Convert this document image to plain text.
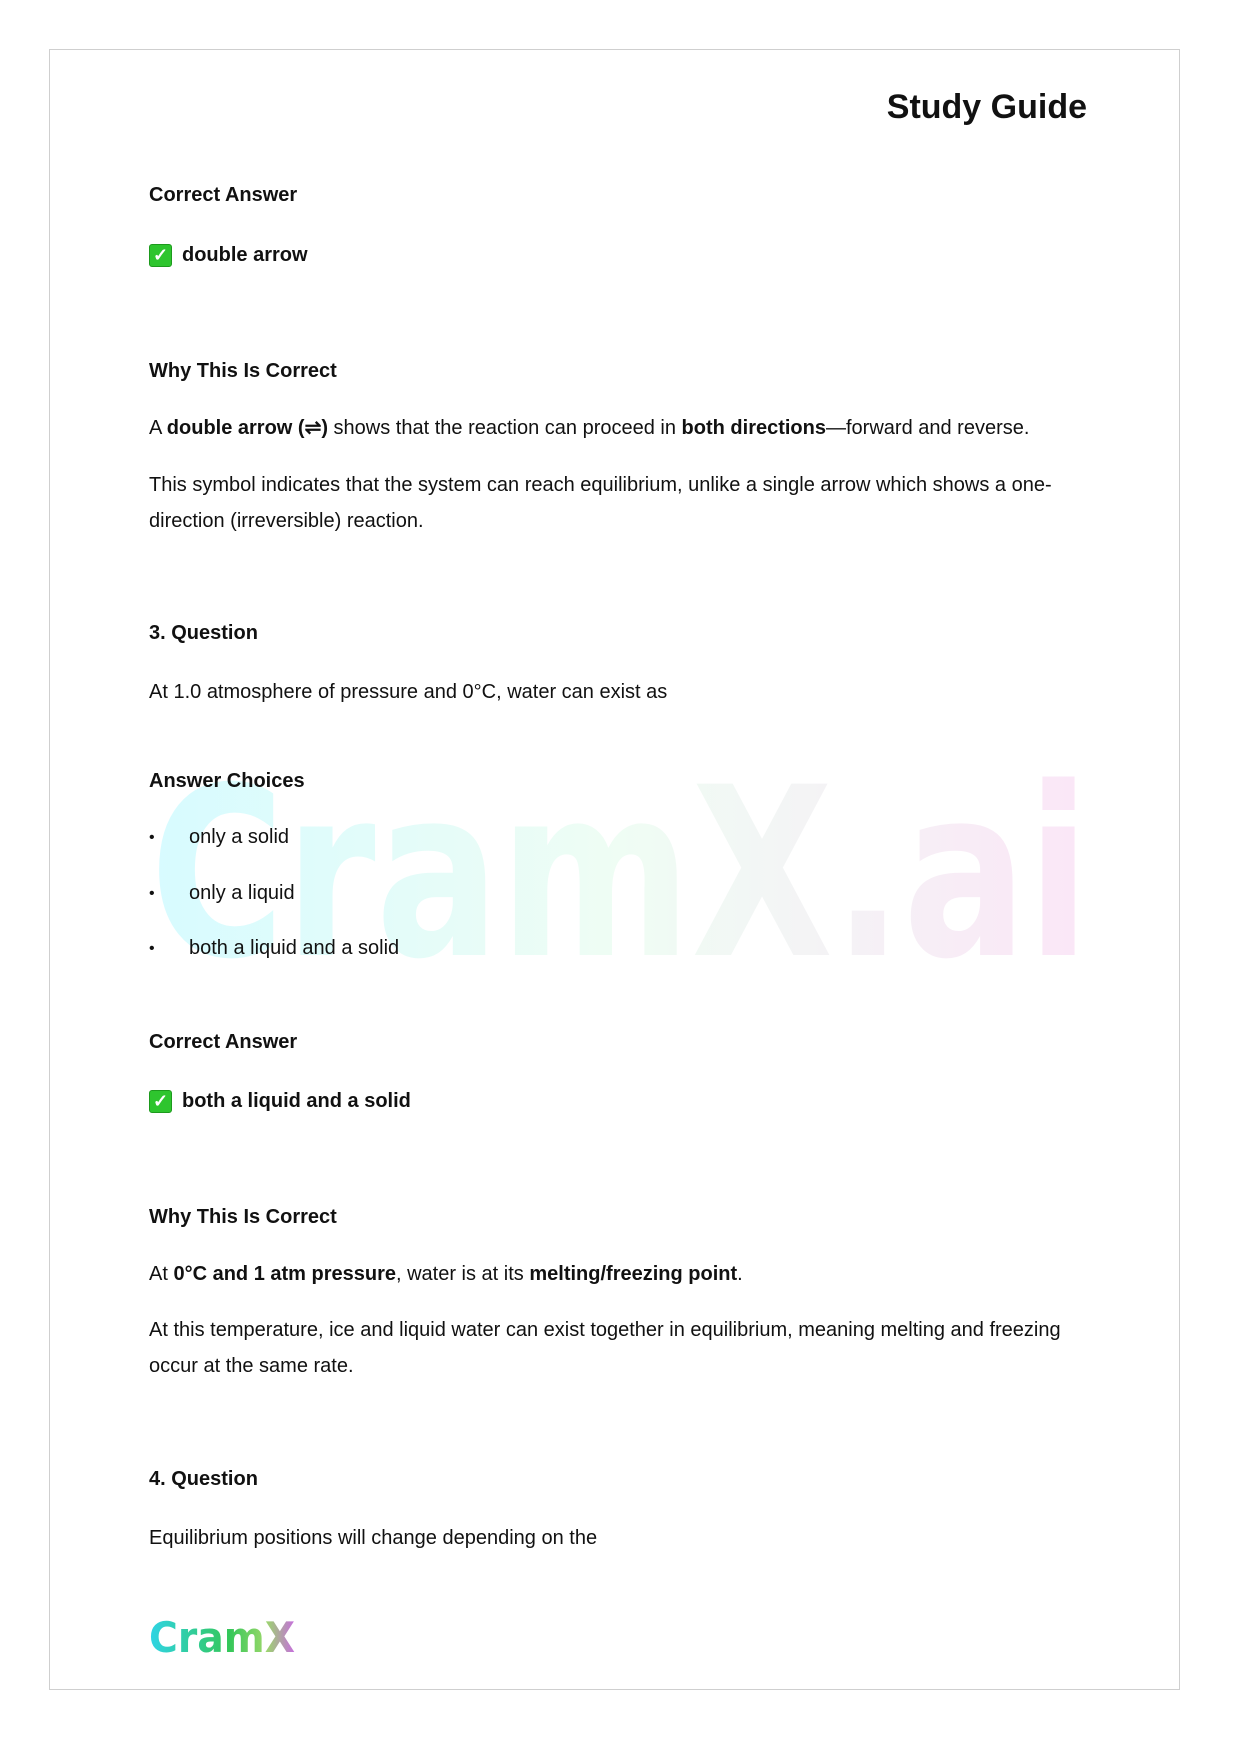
Study Guide
CramX.ai
Correct Answer
✓ double arrow
Why This Is Correct
A double arrow (⇌) shows that the reaction can proceed in both directions—forward and reverse.
This symbol indicates that the system can reach equilibrium, unlike a single arrow which shows a one-direction (irreversible) reaction.
3. Question
At 1.0 atmosphere of pressure and 0°C, water can exist as
Answer Choices
•	only a solid
•	only a liquid
•	both a liquid and a solid
Correct Answer
✓ both a liquid and a solid
Why This Is Correct
At 0°C and 1 atm pressure, water is at its melting/freezing point.
At this temperature, ice and liquid water can exist together in equilibrium, meaning melting and freezing occur at the same rate.
4. Question
Equilibrium positions will change depending on the
CramX
